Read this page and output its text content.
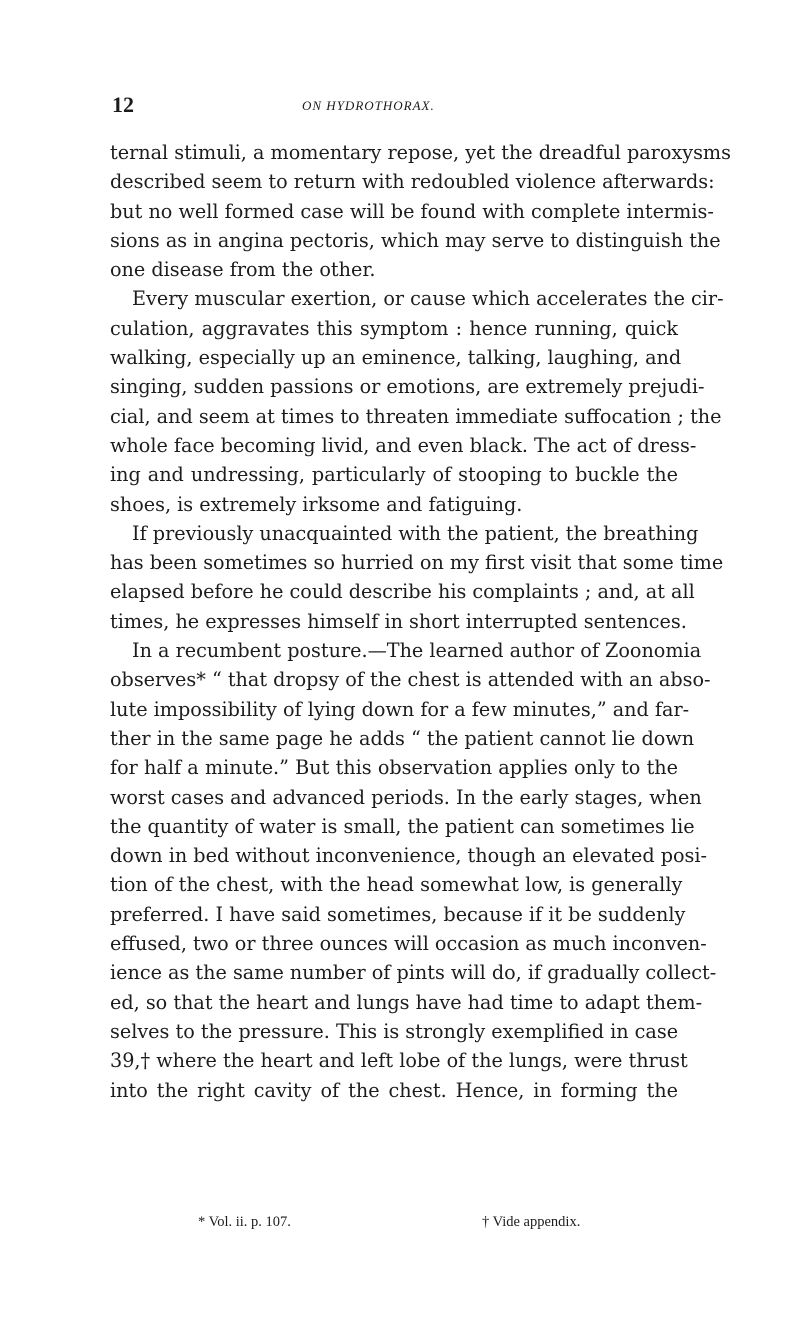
12	ON HYDROTHORAX.
ternal stimuli, a momentary repose, yet the dreadful paroxysms
described seem to return with redoubled violence afterwards:
but no well formed case will be found with complete intermis-
sions as in angina pectoris, which may serve to distinguish the
one disease from the other.
Every muscular exertion, or cause which accelerates the cir-
culation, aggravates this symptom : hence running, quick
walking, especially up an eminence, talking, laughing, and
singing, sudden passions or emotions, are extremely prejudi-
cial, and seem at times to threaten immediate suffocation ; the
whole face becoming livid, and even black. The act of dress-
ing and undressing, particularly of stooping to buckle the
shoes, is extremely irksome and fatiguing.
If previously unacquainted with the patient, the breathing
has been sometimes so hurried on my first visit that some time
elapsed before he could describe his complaints ; and, at all
times, he expresses himself in short interrupted sentences.
In a recumbent posture.—The learned author of Zoonomia
observes* “ that dropsy of the chest is attended with an abso-
lute impossibility of lying down for a few minutes,” and far-
ther in the same page he adds “ the patient cannot lie down
for half a minute.” But this observation applies only to the
worst cases and advanced periods. In the early stages, when
the quantity of water is small, the patient can sometimes lie
down in bed without inconvenience, though an elevated posi-
tion of the chest, with the head somewhat low, is generally
preferred. I have said sometimes, because if it be suddenly
effused, two or three ounces will occasion as much inconven-
ience as the same number of pints will do, if gradually collect-
ed, so that the heart and lungs have had time to adapt them-
selves to the pressure. This is strongly exemplified in case
39,† where the heart and left lobe of the lungs, were thrust
into the right cavity of the chest. Hence, in forming the
* Vol. ii. p. 107.	† Vide appendix.
